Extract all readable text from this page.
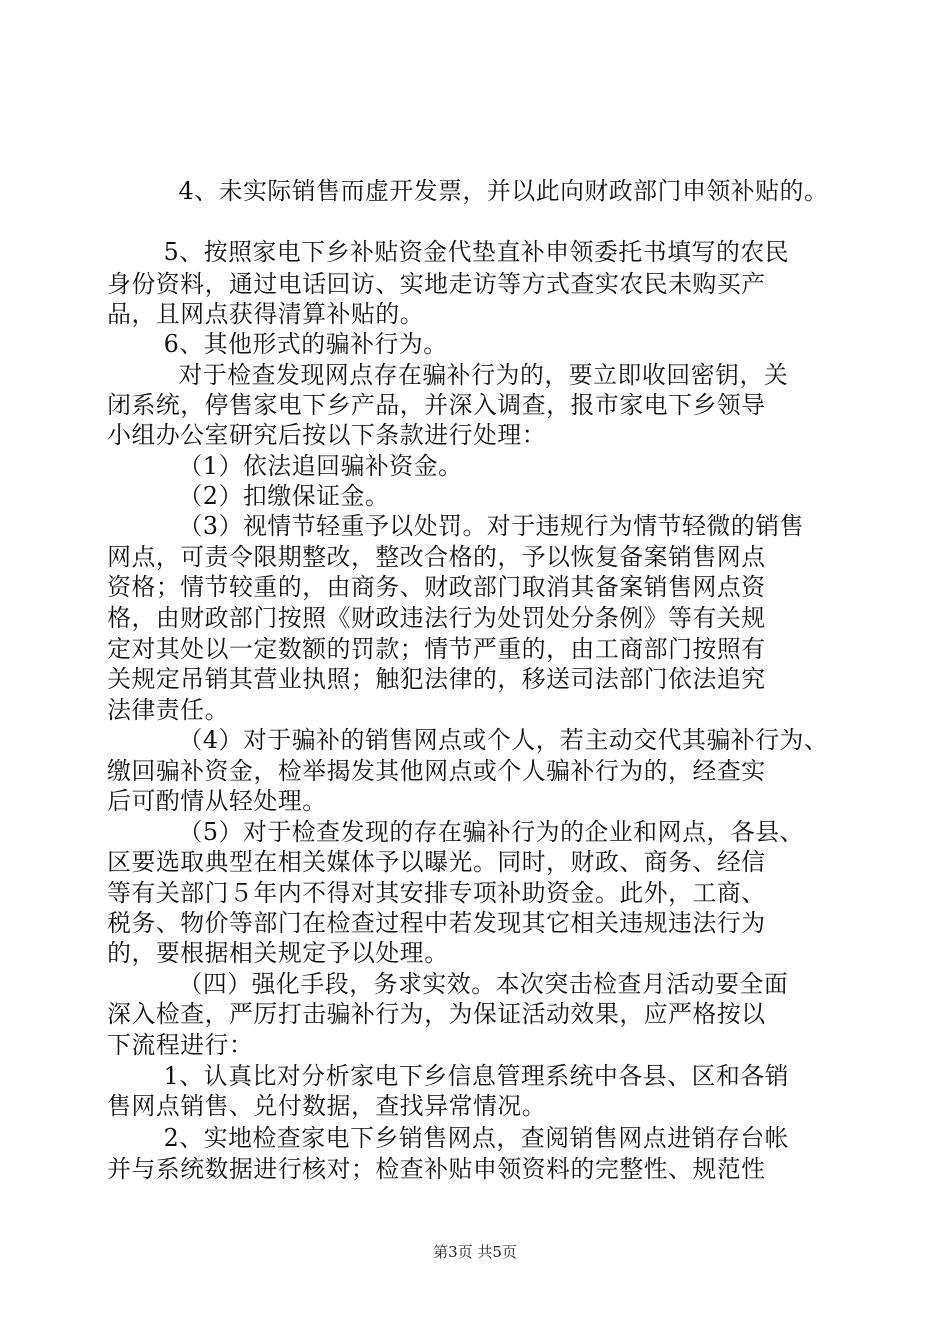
4、未实际销售而虚开发票，并以此向财政部门申领补贴的。
5、按照家电下乡补贴资金代垫直补申领委托书填写的农民
身份资料，通过电话回访、实地走访等方式查实农民未购买产
品，且网点获得清算补贴的。
6、其他形式的骗补行为。
对于检查发现网点存在骗补行为的，要立即收回密钥，关
闭系统，停售家电下乡产品，并深入调查，报市家电下乡领导
小组办公室研究后按以下条款进行处理：
（1）依法追回骗补资金。
（2）扣缴保证金。
（3）视情节轻重予以处罚。对于违规行为情节轻微的销售
网点，可责令限期整改，整改合格的，予以恢复备案销售网点
资格；情节较重的，由商务、财政部门取消其备案销售网点资
格，由财政部门按照《财政违法行为处罚处分条例》等有关规
定对其处以一定数额的罚款；情节严重的，由工商部门按照有
关规定吊销其营业执照；触犯法律的，移送司法部门依法追究
法律责任。
（4）对于骗补的销售网点或个人，若主动交代其骗补行为、
缴回骗补资金，检举揭发其他网点或个人骗补行为的，经查实
后可酌情从轻处理。
（5）对于检查发现的存在骗补行为的企业和网点，各县、
区要选取典型在相关媒体予以曝光。同时，财政、商务、经信
等有关部门５年内不得对其安排专项补助资金。此外，工商、
税务、物价等部门在检查过程中若发现其它相关违规违法行为
的，要根据相关规定予以处理。
（四）强化手段，务求实效。本次突击检查月活动要全面
深入检查，严厉打击骗补行为，为保证活动效果，应严格按以
下流程进行：
1、认真比对分析家电下乡信息管理系统中各县、区和各销
售网点销售、兑付数据，查找异常情况。
2、实地检查家电下乡销售网点，查阅销售网点进销存台帐
并与系统数据进行核对；检查补贴申领资料的完整性、规范性
第3页 共5页
